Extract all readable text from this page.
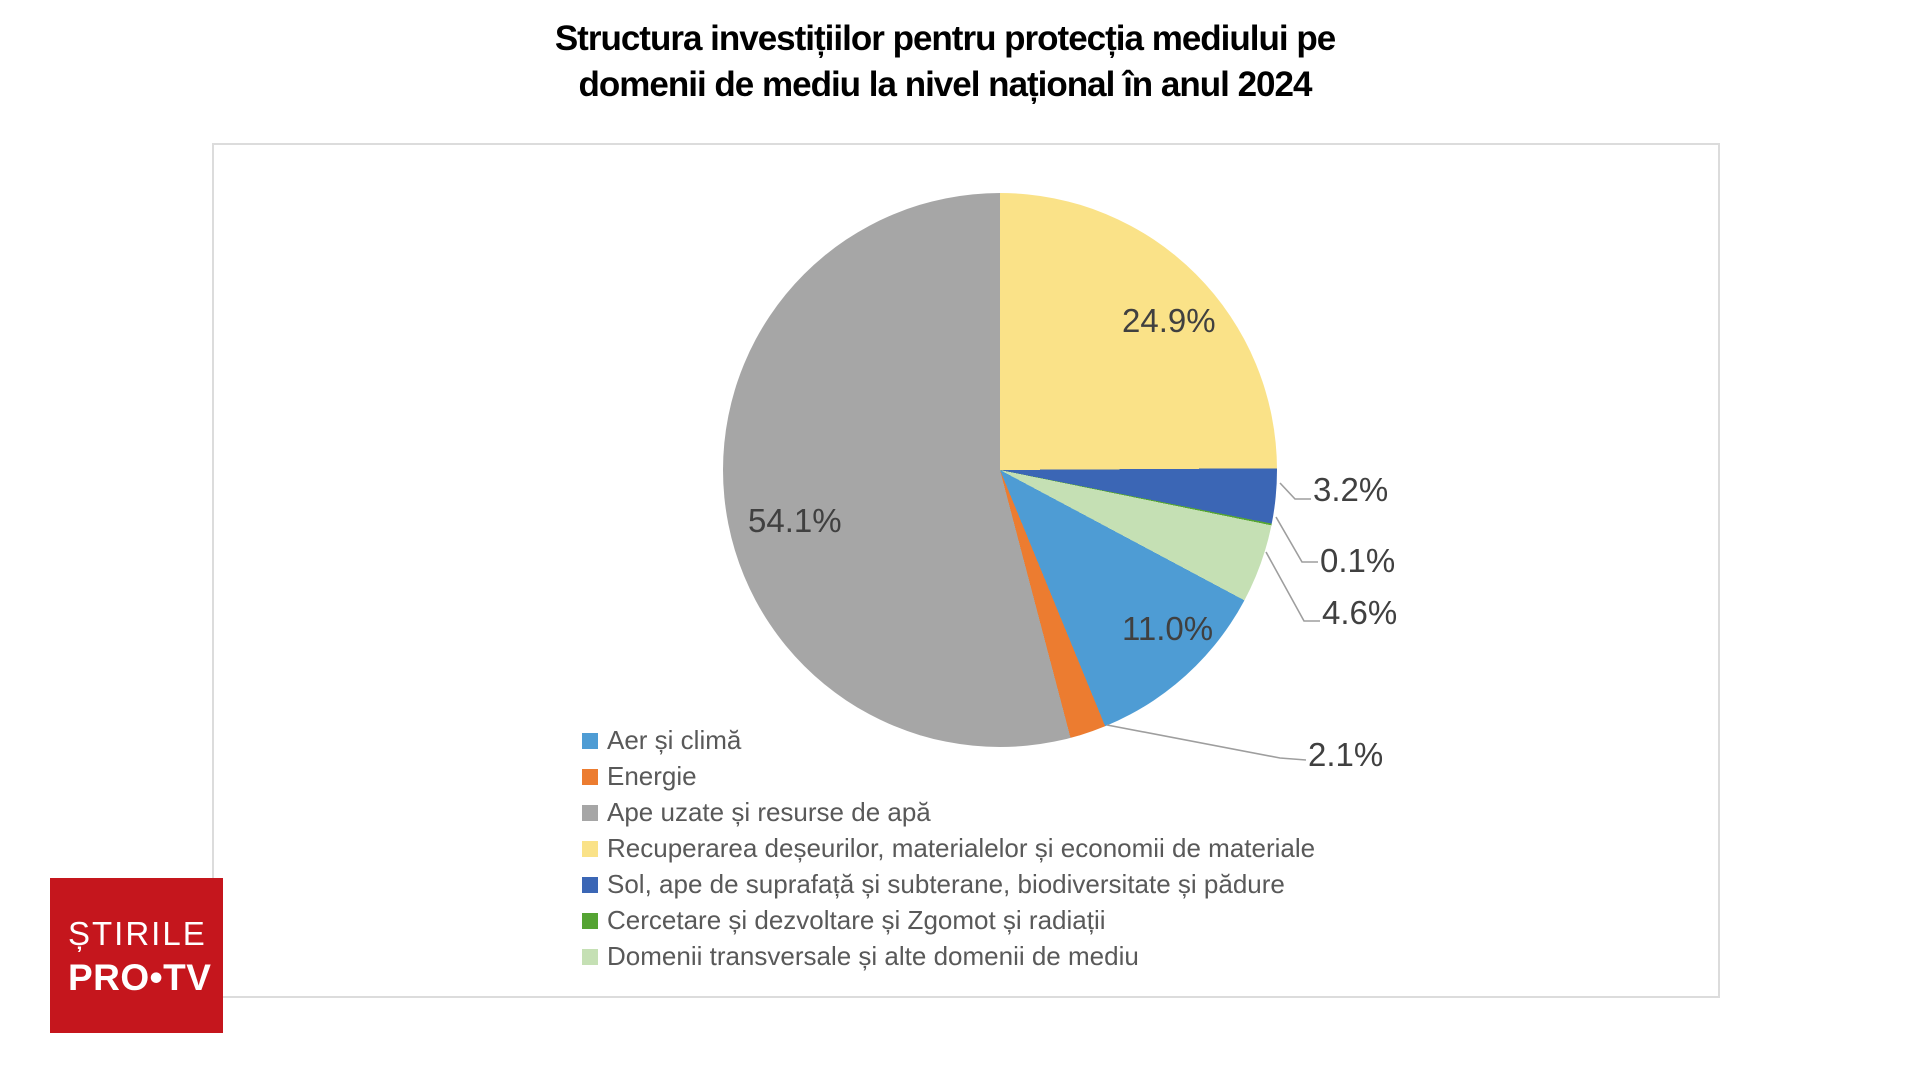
Structura investițiilor pentru protecția mediului pe
domenii de mediu la nivel național în anul 2024
24.9%
54.1%
11.0%
3.2%
0.1%
4.6%
2.1%
Aer și climă
Energie
Ape uzate și resurse de apă
Recuperarea deșeurilor, materialelor și economii de materiale
Sol, ape de suprafață și subterane, biodiversitate și pădure
Cercetare și dezvoltare și Zgomot și radiații
Domenii transversale și alte domenii de mediu
ȘTIRILE
PRO•TV
